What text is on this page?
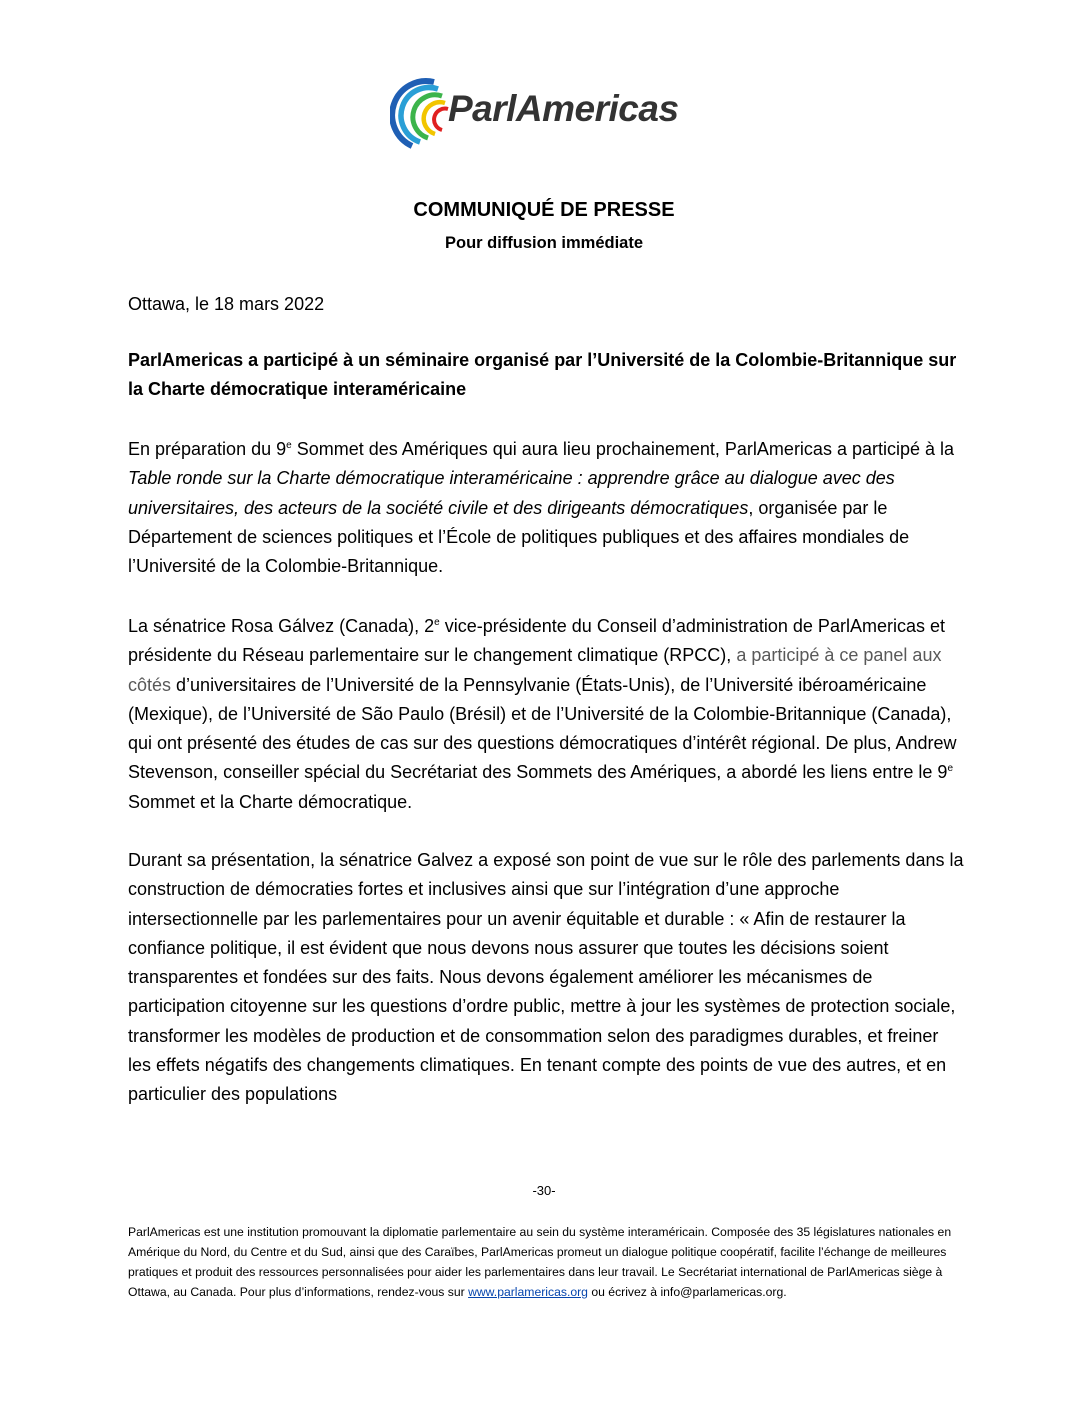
ParlAmericas
COMMUNIQUÉ DE PRESSE
Pour diffusion immédiate
Ottawa, le 18 mars 2022
ParlAmericas a participé à un séminaire organisé par l’Université de la Colombie-Britannique sur la Charte démocratique interaméricaine
En préparation du 9e Sommet des Amériques qui aura lieu prochainement, ParlAmericas a participé à la Table ronde sur la Charte démocratique interaméricaine : apprendre grâce au dialogue avec des universitaires, des acteurs de la société civile et des dirigeants démocratiques, organisée par le Département de sciences politiques et l’École de politiques publiques et des affaires mondiales de l’Université de la Colombie-Britannique.
La sénatrice Rosa Gálvez (Canada), 2e vice-présidente du Conseil d’administration de ParlAmericas et présidente du Réseau parlementaire sur le changement climatique (RPCC), a participé à ce panel aux côtés d’universitaires de l’Université de la Pennsylvanie (États-Unis), de l’Université ibéroaméricaine (Mexique), de l’Université de São Paulo (Brésil) et de l’Université de la Colombie-Britannique (Canada), qui ont présenté des études de cas sur des questions démocratiques d’intérêt régional. De plus, Andrew Stevenson, conseiller spécial du Secrétariat des Sommets des Amériques, a abordé les liens entre le 9e Sommet et la Charte démocratique.
Durant sa présentation, la sénatrice Galvez a exposé son point de vue sur le rôle des parlements dans la construction de démocraties fortes et inclusives ainsi que sur l’intégration d’une approche intersectionnelle par les parlementaires pour un avenir équitable et durable : « Afin de restaurer la confiance politique, il est évident que nous devons nous assurer que toutes les décisions soient transparentes et fondées sur des faits. Nous devons également améliorer les mécanismes de participation citoyenne sur les questions d’ordre public, mettre à jour les systèmes de protection sociale, transformer les modèles de production et de consommation selon des paradigmes durables, et freiner les effets négatifs des changements climatiques. En tenant compte des points de vue des autres, et en particulier des populations
-30-
ParlAmericas est une institution promouvant la diplomatie parlementaire au sein du système interaméricain. Composée des 35 législatures nationales en Amérique du Nord, du Centre et du Sud, ainsi que des Caraïbes, ParlAmericas promeut un dialogue politique coopératif, facilite l’échange de meilleures pratiques et produit des ressources personnalisées pour aider les parlementaires dans leur travail. Le Secrétariat international de ParlAmericas siège à Ottawa, au Canada. Pour plus d’informations, rendez-vous sur www.parlamericas.org ou écrivez à info@parlamericas.org.
